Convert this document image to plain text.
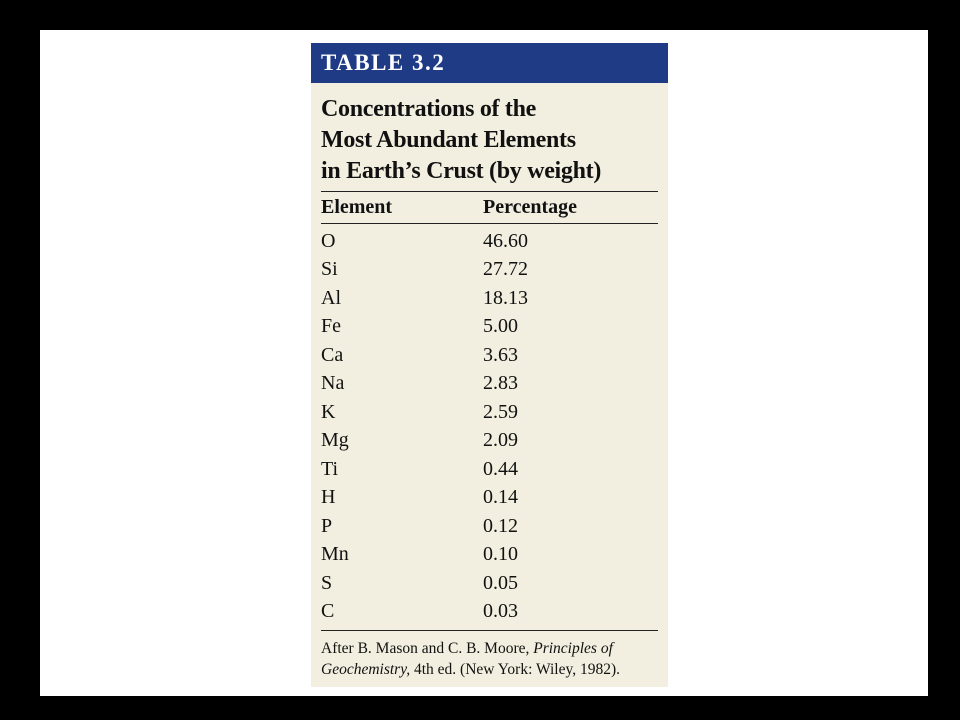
TABLE 3.2
Concentrations of the
Most Abundant Elements
in Earth’s Crust (by weight)
Element	Percentage
O	46.60
Si	27.72
Al	18.13
Fe	5.00
Ca	3.63
Na	2.83
K	2.59
Mg	2.09
Ti	0.44
H	0.14
P	0.12
Mn	0.10
S	0.05
C	0.03
After B. Mason and C. B. Moore, Principles of
Geochemistry, 4th ed. (New York: Wiley, 1982).
